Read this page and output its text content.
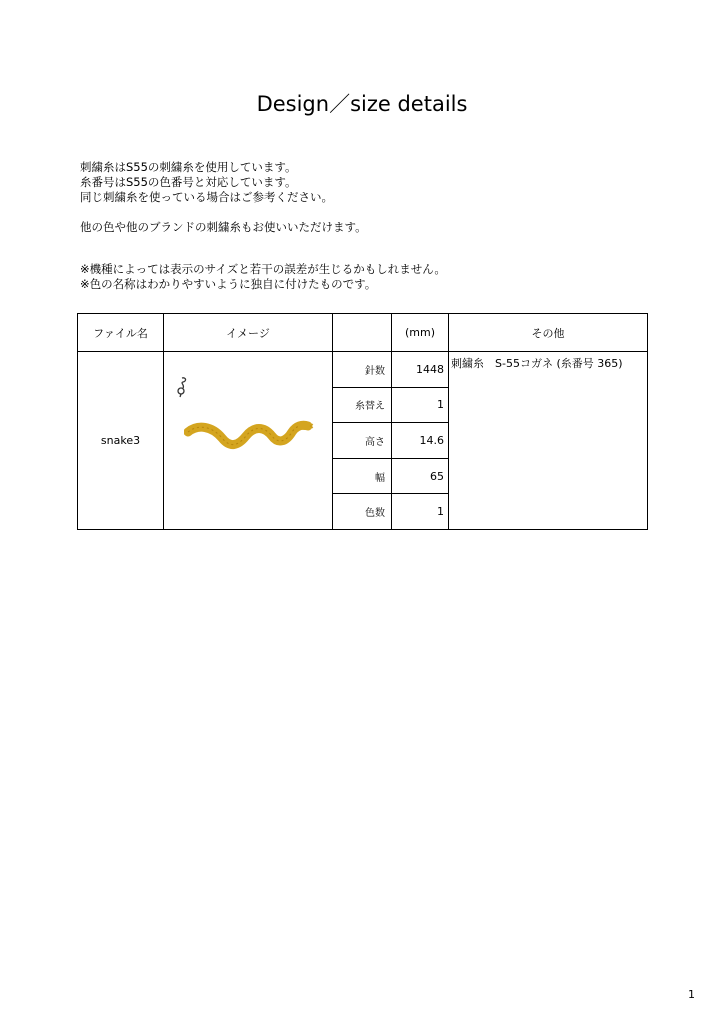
Design／size details
刺繍糸はS55の刺繍糸を使用しています。
糸番号はS55の色番号と対応しています。
同じ刺繍糸を使っている場合はご参考ください。
他の色や他のブランドの刺繍糸もお使いいただけます。
※機種によっては表示のサイズと若干の誤差が生じるかもしれません。
※色の名称はわかりやすいように独自に付けたものです。
ファイル名	イメージ		(mm)	その他
snake3		針数	1448	刺繍糸　S-55コガネ (糸番号 365)
		糸替え	1	
		高さ	14.6	
		幅	65	
		色数	1	
1
